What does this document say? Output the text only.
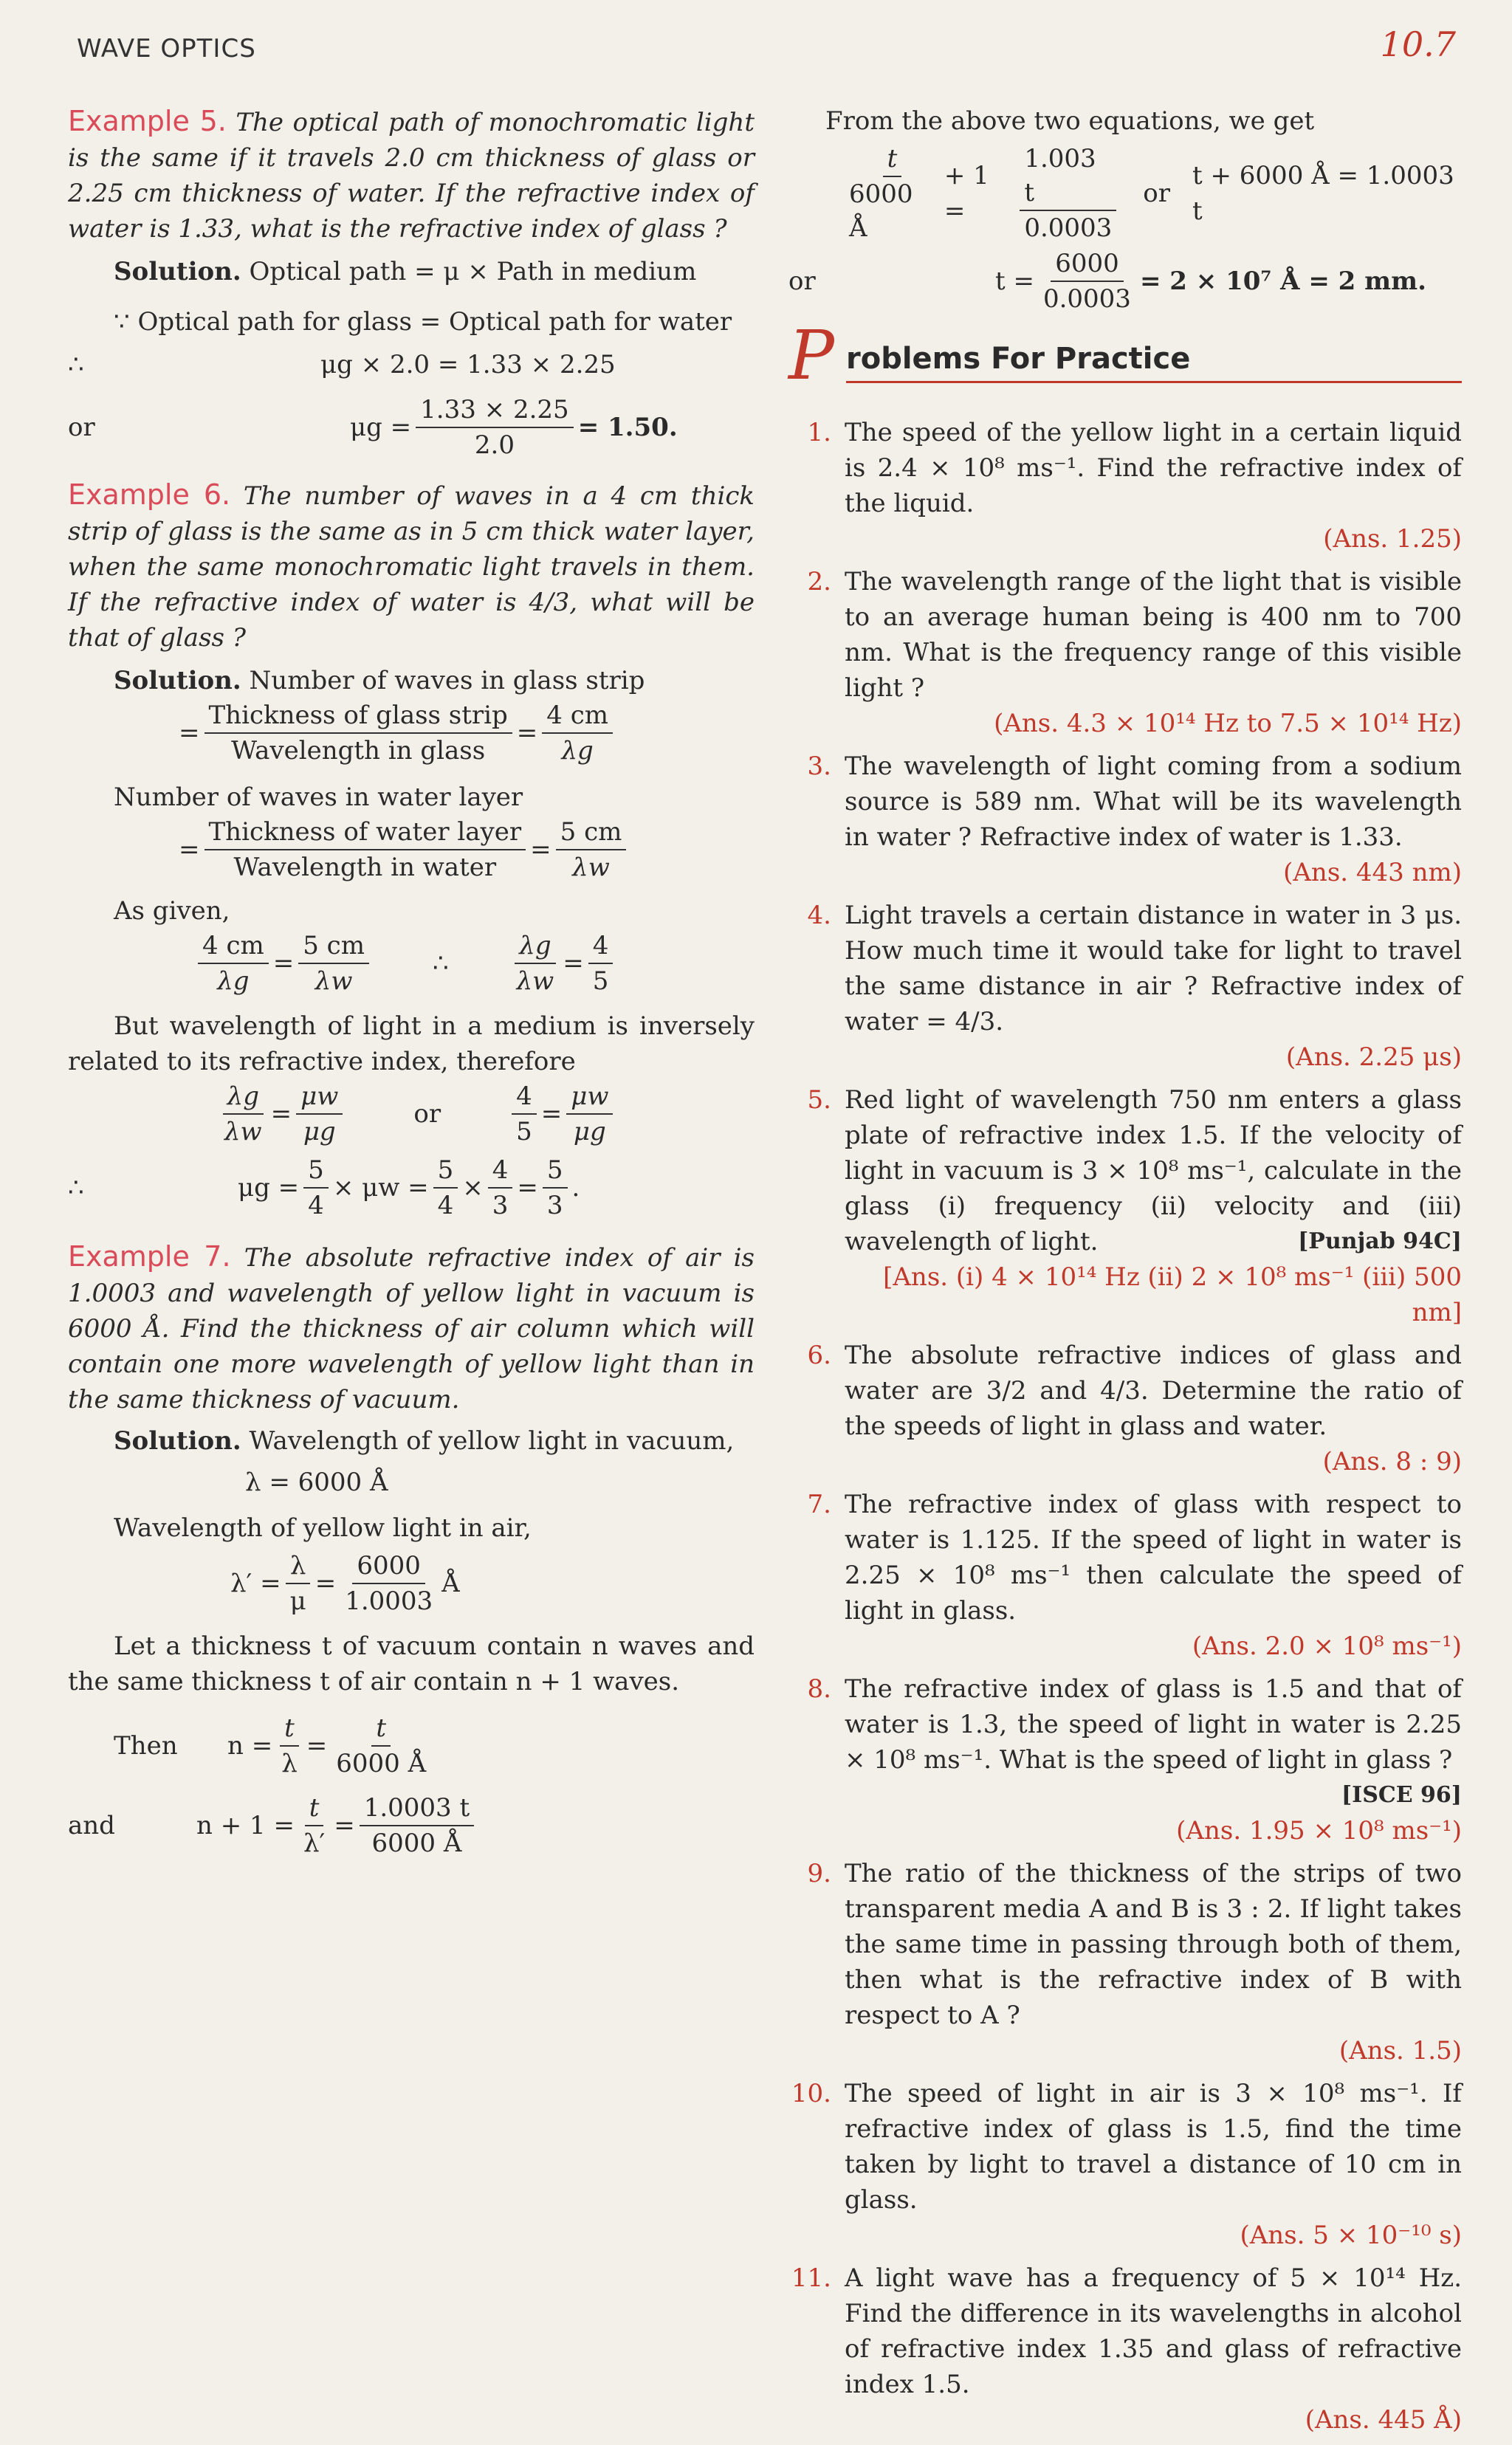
WAVE OPTICS	10.7

Example 5. The optical path of monochromatic light is the same if it travels 2.0 cm thickness of glass or 2.25 cm thickness of water. If the refractive index of water is 1.33, what is the refractive index of glass ?

Solution. Optical path = μ × Path in medium

∵ Optical path for glass = Optical path for water

∴	μg × 2.0 = 1.33 × 2.25
or	$\mu g = \frac{1.33 \times 2.25}{2.0} = 1.50$.

Example 6. The number of waves in a 4 cm thick strip of glass is the same as in 5 cm thick water layer, when the same monochromatic light travels in them. If the refractive index of water is 4/3, what will be that of glass ?

Solution. Number of waves in glass strip

= $\frac{\text{Thickness of glass strip}}{\text{Wavelength in glass}} = \frac{4 cm}{\lambda g}$

Number of waves in water layer

= $\frac{\text{Thickness of water layer}}{\text{Wavelength in water}} = \frac{5 cm}{\lambda w}$

As given,

$\frac{4 cm}{\lambda g} = \frac{5 cm}{\lambda w}$	∴	$\frac{\lambda g}{\lambda w} = \frac{4}{5}$

But wavelength of light in a medium is inversely related to its refractive index, therefore

$\frac{\lambda g}{\lambda w} = \frac{\mu w}{\mu g}$	or	$\frac{4}{5} = \frac{\mu w}{\mu g}$
∴	$\mu g = \frac{5}{4} \times \mu w = \frac{5}{4} \times \frac{4}{3} = \frac{5}{3}$ .

Example 7. The absolute refractive index of air is 1.0003 and wavelength of yellow light in vacuum is 6000 Å. Find the thickness of air column which will contain one more wavelength of yellow light than in the same thickness of vacuum.

Solution. Wavelength of yellow light in vacuum,

λ = 6000 Å

Wavelength of yellow light in air,

$\lambda' = \frac{\lambda}{\mu} = \frac{6000}{1.0003}$ Å

Let a thickness t of vacuum contain n waves and the same thickness t of air contain n + 1 waves.

Then $n = \frac{t}{\lambda} = \frac{t}{6000 Å}$
and	$n + 1 = \frac{t}{\lambda'} = \frac{1.0003 t}{6000 Å}$

From the above two equations, we get

$\frac{t}{6000 Å} + 1$ =	$\frac{1.003 t}{0.0003}$ or
t + 6000 Å = 1.0003 t
or	$t = \frac{6000}{0.0003} = 2 \times 10^7$ Å = 2 mm.
P roblems For Practice
1. The speed of the yellow light in a certain liquid is 2.4 × 10⁸ ms⁻¹. Find the refractive index of the liquid.
(Ans. 1.25)
2. The wavelength range of the light that is visible to an average human being is 400 nm to 700 nm. What is the frequency range of this visible light ?
(Ans. 4.3 × 10¹⁴ Hz to 7.5 × 10¹⁴ Hz)
3. The wavelength of light coming from a sodium source is 589 nm. What will be its wavelength in water ? Refractive index of water is 1.33.
(Ans. 443 nm)
4. Light travels a certain distance in water in 3 μs. How much time it would take for light to travel the same distance in air ? Refractive index of water = 4/3.
(Ans. 2.25 μs)
5. Red light of wavelength 750 nm enters a glass plate of refractive index 1.5. If the velocity of light in vacuum is 3 × 10⁸ ms⁻¹, calculate in the glass (i) frequency (ii) velocity and (iii) wavelength of light.	[Punjab 94C]
[Ans. (i) 4 × 10¹⁴ Hz (ii) 2 × 10⁸ ms⁻¹ (iii) 500 nm]
6. The absolute refractive indices of glass and water are 3/2 and 4/3. Determine the ratio of the speeds of light in glass and water.
(Ans. 8 : 9)
7. The refractive index of glass with respect to water is 1.125. If the speed of light in water is 2.25 × 10⁸ ms⁻¹ then calculate the speed of light in glass.
(Ans. 2.0 × 10⁸ ms⁻¹)
8. The refractive index of glass is 1.5 and that of water is 1.3, the speed of light in water is 2.25 × 10⁸ ms⁻¹. What is the speed of light in glass ?
[ISCE 96]
(Ans. 1.95 × 10⁸ ms⁻¹)
9. The ratio of the thickness of the strips of two transparent media A and B is 3 : 2. If light takes the same time in passing through both of them, then what is the refractive index of B with respect to A ?
(Ans. 1.5)
10. The speed of light in air is 3 × 10⁸ ms⁻¹. If refractive index of glass is 1.5, find the time taken by light to travel a distance of 10 cm in glass.
(Ans. 5 × 10⁻¹⁰ s)
11. A light wave has a frequency of 5 × 10¹⁴ Hz. Find the difference in its wavelengths in alcohol of refractive index 1.35 and glass of refractive index 1.5.
(Ans. 445 Å)
